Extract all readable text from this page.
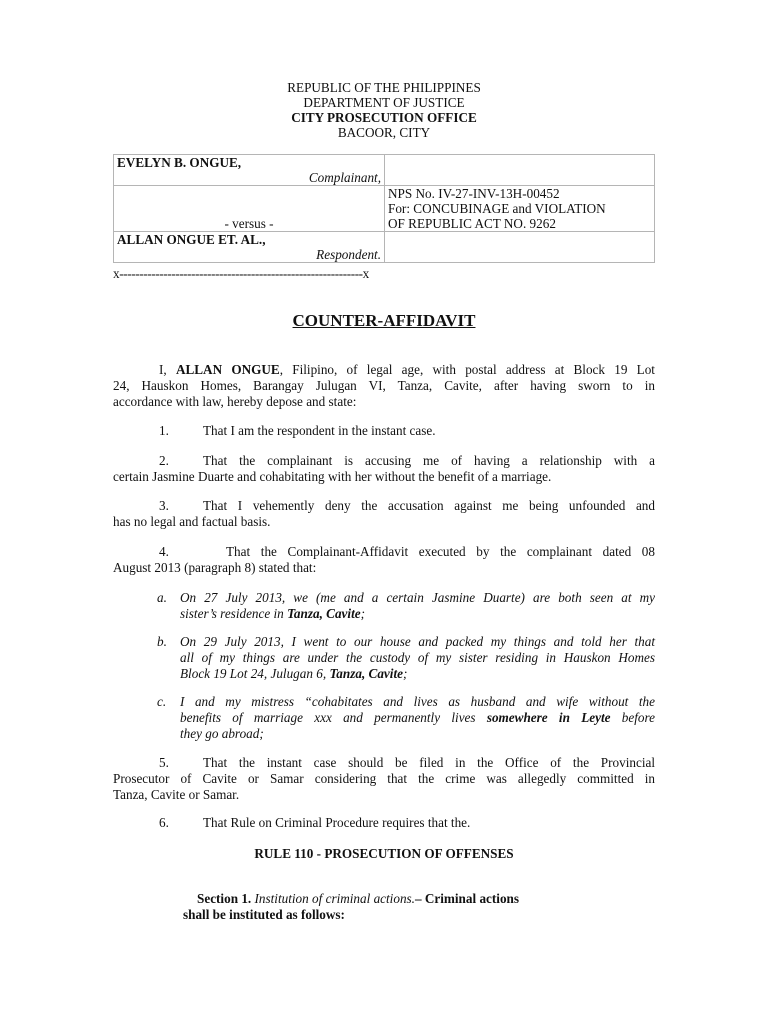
REPUBLIC OF THE PHILIPPINES
DEPARTMENT OF JUSTICE
CITY PROSECUTION OFFICE
BACOOR, CITY
EVELYN B. ONGUE,
Complainant,	

- versus -	NPS No. IV-27-INV-13H-00452
For: CONCUBINAGE and VIOLATION
OF REPUBLIC ACT NO. 9262

ALLAN ONGUE ET. AL.,
Respondent.	

x-------------------------------------------------------------x
COUNTER-AFFIDAVIT
I, ALLAN ONGUE, Filipino, of legal age, with postal address at Block 19 Lot
24, Hauskon Homes, Barangay Julugan VI, Tanza, Cavite, after having sworn to in
accordance with law, hereby depose and state:
1.	That I am the respondent in the instant case.
2.	That the complainant is accusing me of having a relationship with a
certain Jasmine Duarte and cohabitating with her without the benefit of a marriage.
3.	That I vehemently deny the accusation against me being unfounded and
has no legal and factual basis.
4.	That the Complainant-Affidavit executed by the complainant dated 08
August 2013 (paragraph 8) stated that:
a. On 27 July 2013, we (me and a certain Jasmine Duarte) are both seen at my
sister’s residence in Tanza, Cavite;
b. On 29 July 2013, I went to our house and packed my things and told her that
all of my things are under the custody of my sister residing in Hauskon Homes
Block 19 Lot 24, Julugan 6, Tanza, Cavite;
c. I and my mistress “cohabitates and lives as husband and wife without the
benefits of marriage xxx and permanently lives somewhere in Leyte before
they go abroad;
5.	That the instant case should be filed in the Office of the Provincial
Prosecutor of Cavite or Samar considering that the crime was allegedly committed in
Tanza, Cavite or Samar.
6.	That Rule on Criminal Procedure requires that the.
RULE 110 - PROSECUTION OF OFFENSES
Section 1. Institution of criminal actions.– Criminal actions
shall be instituted as follows:
